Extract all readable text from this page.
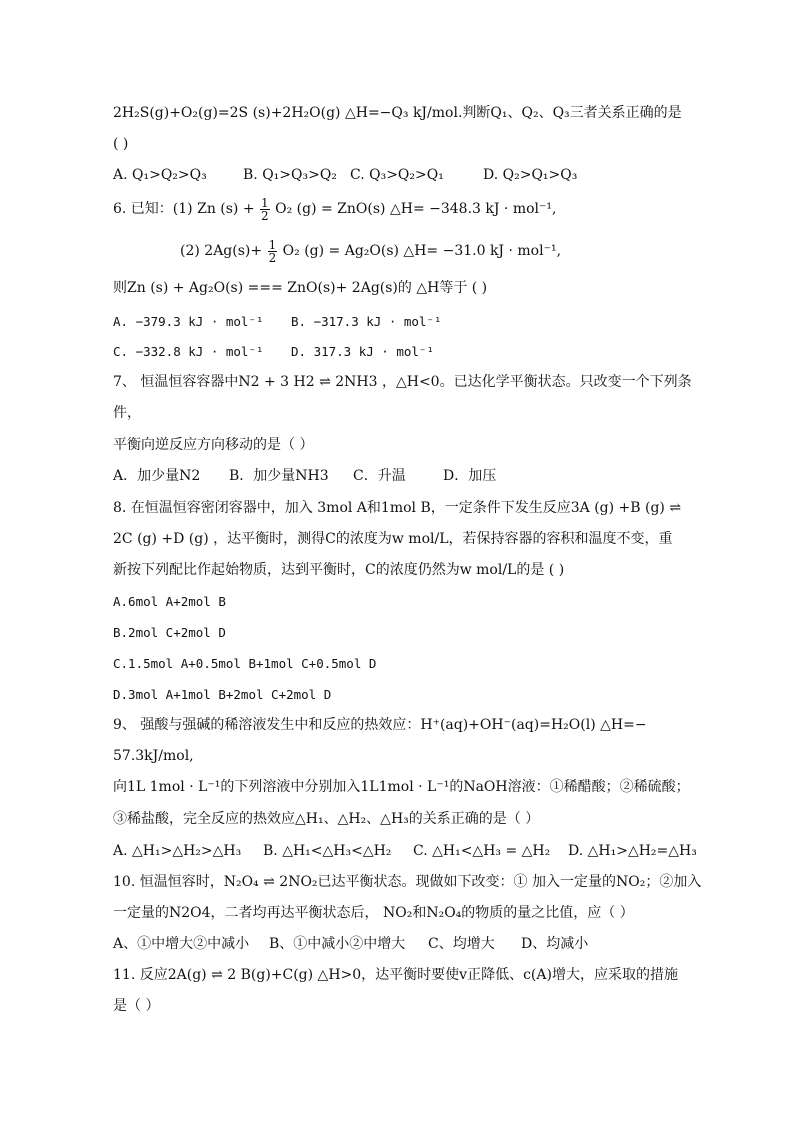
2H₂S(g)+O₂(g)=2S (s)+2H₂O(g) △H=−Q₃ kJ/mol.判断Q₁、Q₂、Q₃三者关系正确的是
( )
A. Q₁>Q₂>Q₃	B. Q₁>Q₃>Q₂ C. Q₃>Q₂>Q₁	D. Q₂>Q₁>Q₃
6. 已知：(1) Zn $(s) + \frac{1}{2} O_2$ (g) = ZnO(s) △H= −348.3 kJ · mol⁻¹,
(2) $2Ag(s)+ \frac{1}{2} O_2$ (g) = Ag₂O(s) △H= −31.0 kJ · mol⁻¹,
则Zn (s) + Ag₂O(s) === ZnO(s)+ 2Ag(s)的 △H等于 ( )
A. −379.3 kJ · mol⁻¹ B. −317.3 kJ · mol⁻¹
C. −332.8 kJ · mol⁻¹ D. 317.3 kJ · mol⁻¹
7、 恒温恒容容器中N2 + 3 H2 ⇌ 2NH3 ，△H<0。已达化学平衡状态。只改变一个下列条
件，
平衡向逆反应方向移动的是（ ）
A．加少量N2 B．加少量NH3 C．升温	D．加压
8. 在恒温恒容密闭容器中，加入 3mol A和1mol B，一定条件下发生反应3A (g) +B (g) ⇌
2C (g) +D (g) ，达平衡时，测得C的浓度为w mol/L，若保持容器的容积和温度不变，重
新按下列配比作起始物质，达到平衡时，C的浓度仍然为w mol/L的是 ( )
A.6mol A+2mol B
B.2mol C+2mol D
C.1.5mol A+0.5mol B+1mol C+0.5mol D
D.3mol A+1mol B+2mol C+2mol D
9、 强酸与强碱的稀溶液发生中和反应的热效应：H⁺(aq)+OH⁻(aq)=H₂O(l) △H=−
57.3kJ/mol,
向1L 1mol · L⁻¹的下列溶液中分别加入1L1mol · L⁻¹的NaOH溶液：①稀醋酸；②稀硫酸；
③稀盐酸，完全反应的热效应△H₁、△H₂、△H₃的关系正确的是（ ）
A. △H₁>△H₂>△H₃ B. △H₁<△H₃<△H₂ C. △H₁<△H₃ = △H₂ D. △H₁>△H₂=△H₃
10. 恒温恒容时，N₂O₄ ⇌ 2NO₂已达平衡状态。现做如下改变：① 加入一定量的NO₂；②加入
一定量的N2O4，二者均再达平衡状态后， NO₂和N₂O₄的物质的量之比值，应（ ）
A、①中增大②中减小 B、①中减小②中增大 C、均增大 D、均减小
11. 反应2A(g) ⇌ 2 B(g)+C(g) △H>0，达平衡时要使v正降低、c(A)增大，应采取的措施
是（ ）
